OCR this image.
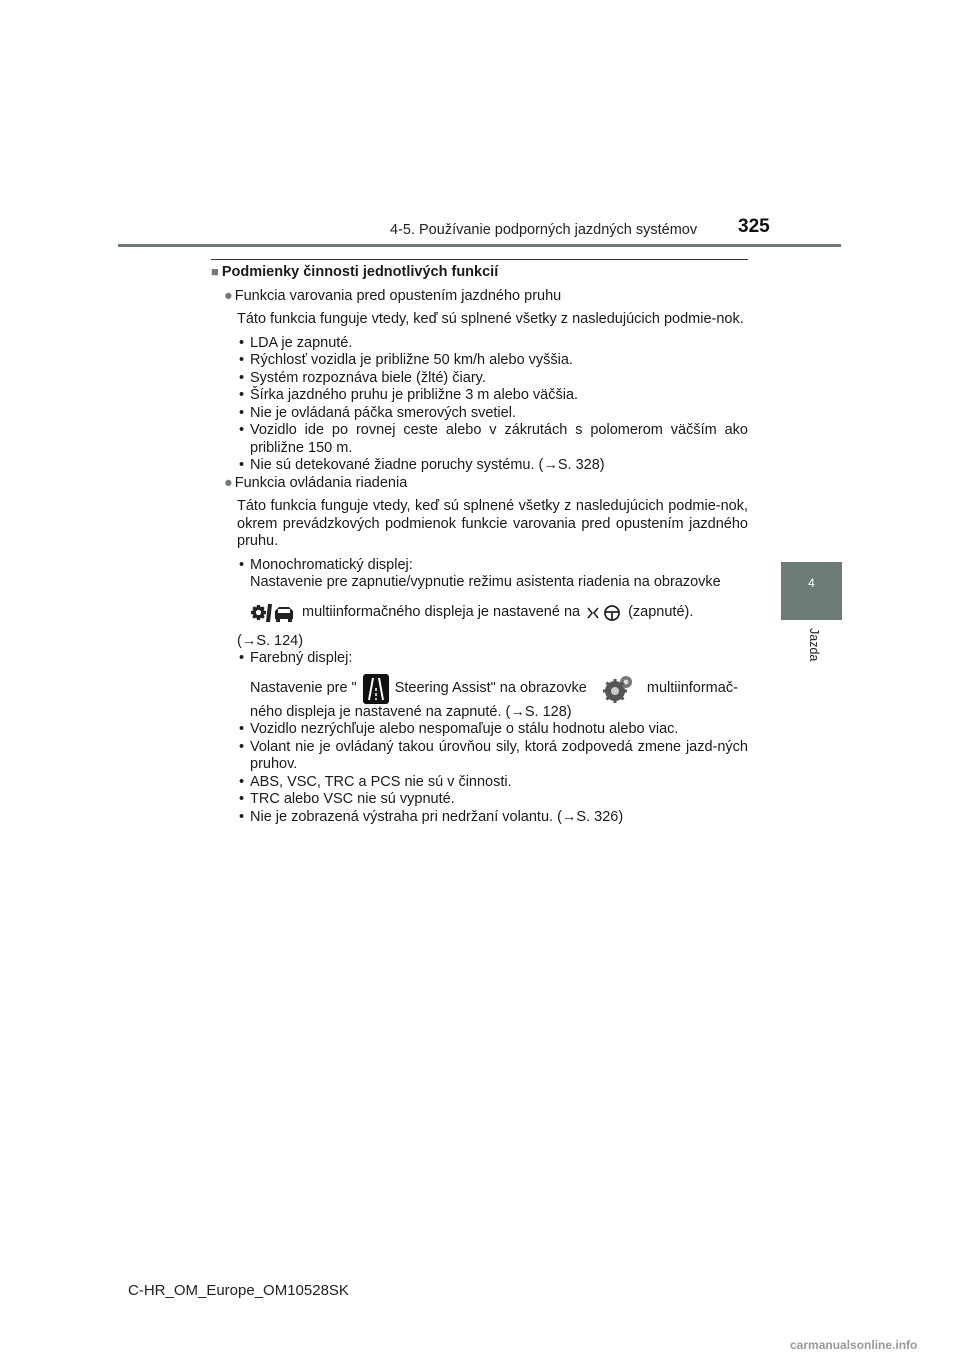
4-5. Používanie podporných jazdných systémov 325
4
Jazda

■ Podmienky činnosti jednotlivých funkcií

● Funkcia varovania pred opustením jazdného pruhu

Táto funkcia funguje vtedy, keď sú splnené všetky z nasledujúcich podmie-nok.

• LDA je zapnuté.
• Rýchlosť vozidla je približne 50 km/h alebo vyššia.
• Systém rozpoznáva biele (žlté) čiary.
• Šírka jazdného pruhu je približne 3 m alebo väčšia.
• Nie je ovládaná páčka smerových svetiel.
• Vozidlo ide po rovnej ceste alebo v zákrutách s polomerom väčším ako približne 150 m.
• Nie sú detekované žiadne poruchy systému. (→S. 328)

● Funkcia ovládania riadenia

Táto funkcia funguje vtedy, keď sú splnené všetky z nasledujúcich podmie-nok, okrem prevádzkových podmienok funkcie varovania pred opustením jazdného pruhu.

• Monochromatický displej:
Nastavenie pre zapnutie/vypnutie režimu asistenta riadenia na obrazovke
multiinformačného displeja je nastavené na	(zapnuté).
(→S. 124)
• Farebný displej:
Nastavenie pre "	Steering Assist" na obrazovke	multiinformač-
ného displeja je nastavené na zapnuté. (→S. 128)
• Vozidlo nezrýchľuje alebo nespomaľuje o stálu hodnotu alebo viac.
• Volant nie je ovládaný takou úrovňou sily, ktorá zodpovedá zmene jazd-ných pruhov.
• ABS, VSC, TRC a PCS nie sú v činnosti.
• TRC alebo VSC nie sú vypnuté.
• Nie je zobrazená výstraha pri nedržaní volantu. (→S. 326)
C-HR_OM_Europe_OM10528SK
carmanualsonline.info
